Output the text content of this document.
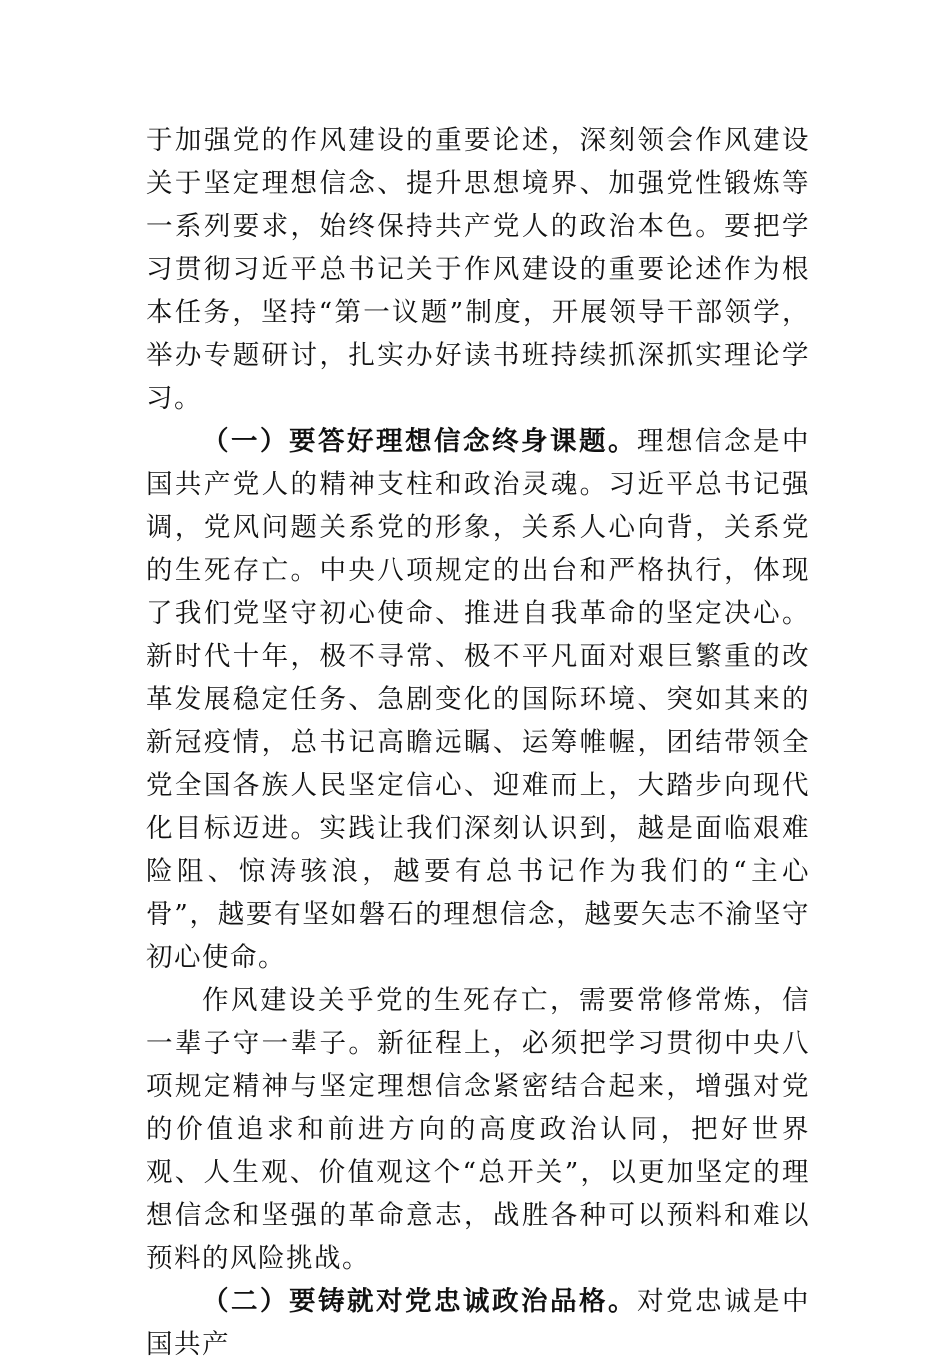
于加强党的作风建设的重要论述，深刻领会作风建设关于坚定理想信念、提升思想境界、加强党性锻炼等一系列要求，始终保持共产党人的政治本色。要把学习贯彻习近平总书记关于作风建设的重要论述作为根本任务，坚持“第一议题”制度，开展领导干部领学，举办专题研讨，扎实办好读书班持续抓深抓实理论学习。

（一）要答好理想信念终身课题。理想信念是中国共产党人的精神支柱和政治灵魂。习近平总书记强调，党风问题关系党的形象，关系人心向背，关系党的生死存亡。中央八项规定的出台和严格执行，体现了我们党坚守初心使命、推进自我革命的坚定决心。新时代十年，极不寻常、极不平凡面对艰巨繁重的改革发展稳定任务、急剧变化的国际环境、突如其来的新冠疫情，总书记高瞻远瞩、运筹帷幄，团结带领全党全国各族人民坚定信心、迎难而上，大踏步向现代化目标迈进。实践让我们深刻认识到，越是面临艰难险阻、惊涛骇浪，越要有总书记作为我们的“主心骨”，越要有坚如磐石的理想信念，越要矢志不渝坚守初心使命。

作风建设关乎党的生死存亡，需要常修常炼，信一辈子守一辈子。新征程上，必须把学习贯彻中央八项规定精神与坚定理想信念紧密结合起来，增强对党的价值追求和前进方向的高度政治认同，把好世界观、人生观、价值观这个“总开关”，以更加坚定的理想信念和坚强的革命意志，战胜各种可以预料和难以预料的风险挑战。

（二）要铸就对党忠诚政治品格。对党忠诚是中国共产
